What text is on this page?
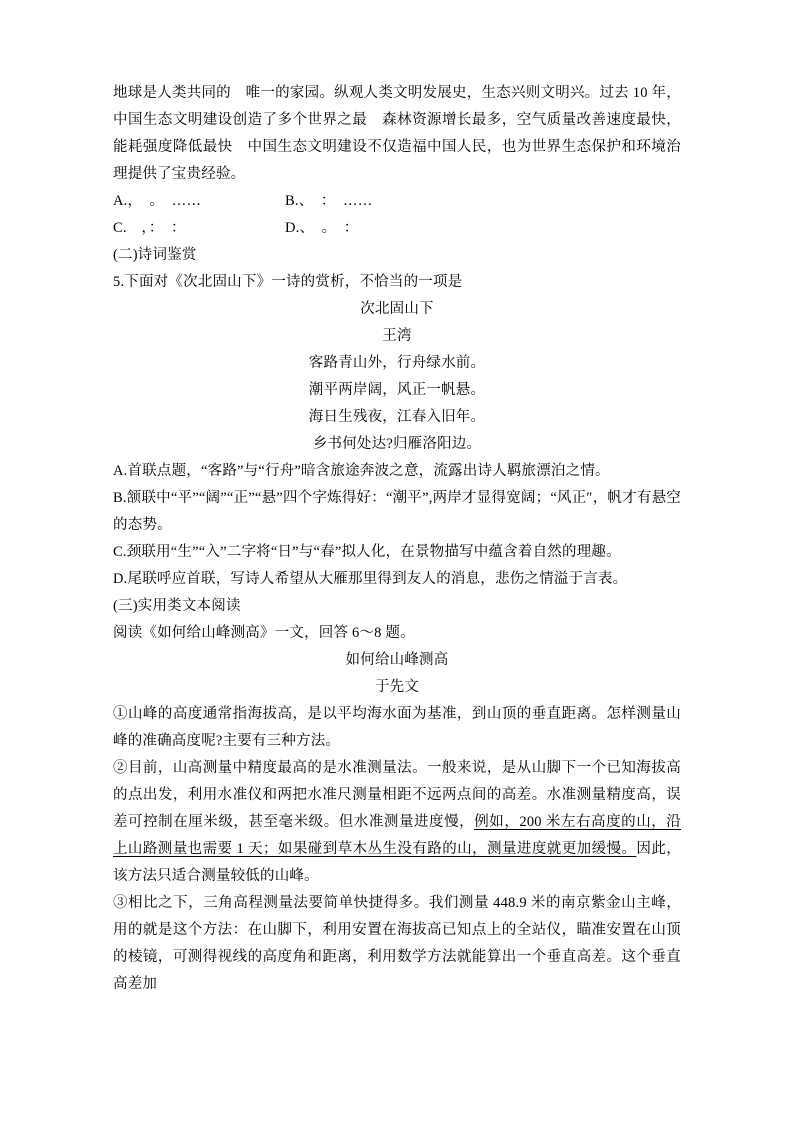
地球是人类共同的　唯一的家园。纵观人类文明发展史，生态兴则文明兴。过去 10 年，中国生态文明建设创造了多个世界之最　森林资源增长最多，空气质量改善速度最快，能耗强度降低最快　中国生态文明建设不仅造福中国人民，也为世界生态保护和环境治理提供了宝贵经验。

A.，　。　……	B.、　：　……
C.　，：　：	D.、　。　：

(二)诗词鉴赏

5.下面对《次北固山下》一诗的赏析，不恰当的一项是

次北固山下

王湾

客路青山外，行舟绿水前。

潮平两岸阔，风正一帆悬。

海日生残夜，江春入旧年。

乡书何处达?归雁洛阳边。

A.首联点题，“客路”与“行舟”暗含旅途奔波之意，流露出诗人羁旅漂泊之情。

B.颔联中“平”“阔”“正”“悬”四个字炼得好：“潮平”,两岸才显得宽阔；“风正″，帆才有悬空的态势。

C.颈联用“生”“入”二字将“日”与“春”拟人化，在景物描写中蕴含着自然的理趣。

D.尾联呼应首联，写诗人希望从大雁那里得到友人的消息，悲伤之情溢于言表。

(三)实用类文本阅读

阅读《如何给山峰测高》一文，回答 6～8 题。

如何给山峰测高

于先文

①山峰的高度通常指海拔高，是以平均海水面为基准，到山顶的垂直距离。怎样测量山峰的准确高度呢?主要有三种方法。

②目前，山高测量中精度最高的是水准测量法。一般来说，是从山脚下一个已知海拔高的点出发，利用水准仪和两把水准尺测量相距不远两点间的高差。水准测量精度高，误差可控制在厘米级，甚至毫米级。但水准测量进度慢，例如，200 米左右高度的山，沿上山路测量也需要 1 天；如果碰到草木丛生没有路的山，测量进度就更加缓慢。因此，该方法只适合测量较低的山峰。

③相比之下，三角高程测量法要简单快捷得多。我们测量 448.9 米的南京紫金山主峰，用的就是这个方法：在山脚下，利用安置在海拔高已知点上的全站仪，瞄准安置在山顶的棱镜，可测得视线的高度角和距离，利用数学方法就能算出一个垂直高差。这个垂直高差加
